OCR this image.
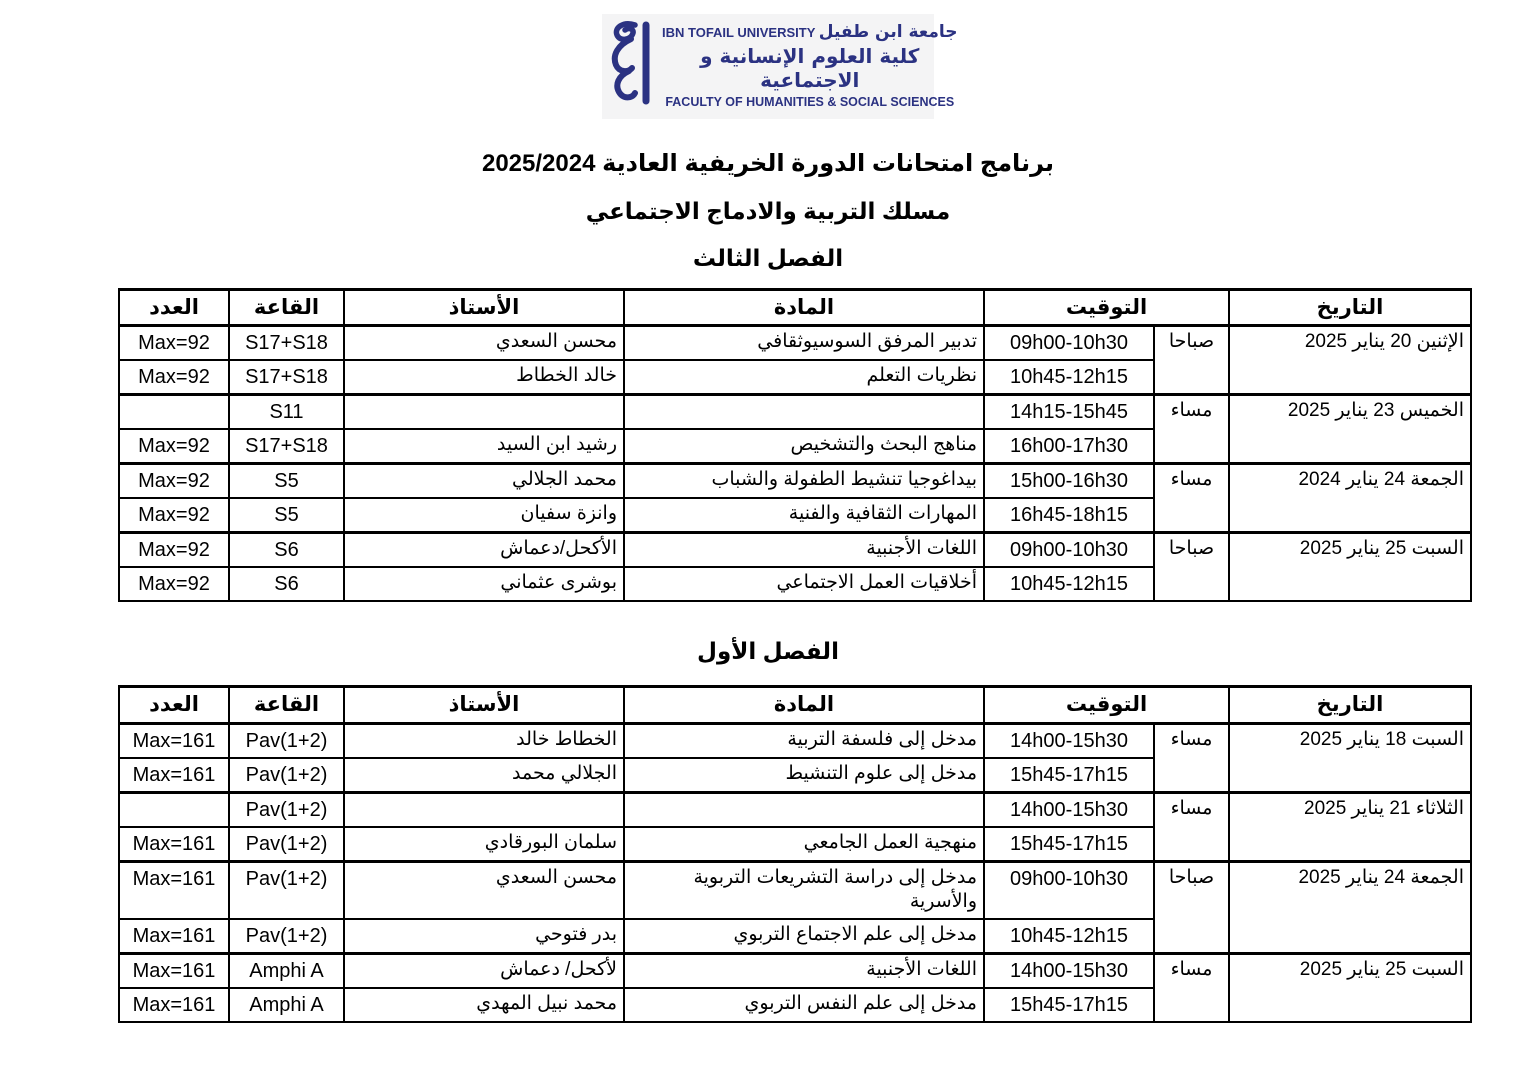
IBN TOFAIL UNIVERSITY جامعة ابن طفيل
كلية العلوم الإنسانية و الاجتماعية
FACULTY OF HUMANITIES & SOCIAL SCIENCES
برنامج امتحانات الدورة الخريفية العادية 2025/2024
مسلك التربية والادماج الاجتماعي
الفصل الثالث
التاريخ	التوقيت		المادة	الأستاذ	القاعة	العدد
الإثنين 20 يناير 2025	صباحا	09h00-10h30	تدبير المرفق السوسيوثقافي	محسن السعدي	S17+S18	Max=92
		10h45-12h15	نظريات التعلم	خالد الخطاط	S17+S18	Max=92
الخميس 23 يناير 2025	مساء	14h15-15h45			S11	
		16h00-17h30	مناهج البحث والتشخيص	رشيد ابن السيد	S17+S18	Max=92
الجمعة 24 يناير 2024	مساء	15h00-16h30	بيداغوجيا تنشيط الطفولة والشباب	محمد الجلالي	S5	Max=92
		16h45-18h15	المهارات الثقافية والفنية	وانزة سفيان	S5	Max=92
السبت 25 يناير 2025	صباحا	09h00-10h30	اللغات الأجنبية	الأكحل/دعماش	S6	Max=92
		10h45-12h15	أخلاقيات العمل الاجتماعي	بوشرى عثماني	S6	Max=92
الفصل الأول
التاريخ	التوقيت		المادة	الأستاذ	القاعة	العدد
السبت 18 يناير 2025	مساء	14h00-15h30	مدخل إلى فلسفة التربية	الخطاط خالد	Pav(1+2)	Max=161
		15h45-17h15	مدخل إلى علوم التنشيط	الجلالي محمد	Pav(1+2)	Max=161
الثلاثاء 21 يناير 2025	مساء	14h00-15h30			Pav(1+2)	
		15h45-17h15	منهجية العمل الجامعي	سلمان البورقادي	Pav(1+2)	Max=161
الجمعة 24 يناير 2025	صباحا	09h00-10h30	مدخل إلى دراسة التشريعات التربوية والأسرية	محسن السعدي	Pav(1+2)	Max=161
		10h45-12h15	مدخل إلى علم الاجتماع التربوي	بدر فتوحي	Pav(1+2)	Max=161
السبت 25 يناير 2025	مساء	14h00-15h30	اللغات الأجنبية	لأكحل/ دعماش	Amphi A	Max=161
		15h45-17h15	مدخل إلى علم النفس التربوي	محمد نبيل المهدي	Amphi A	Max=161
